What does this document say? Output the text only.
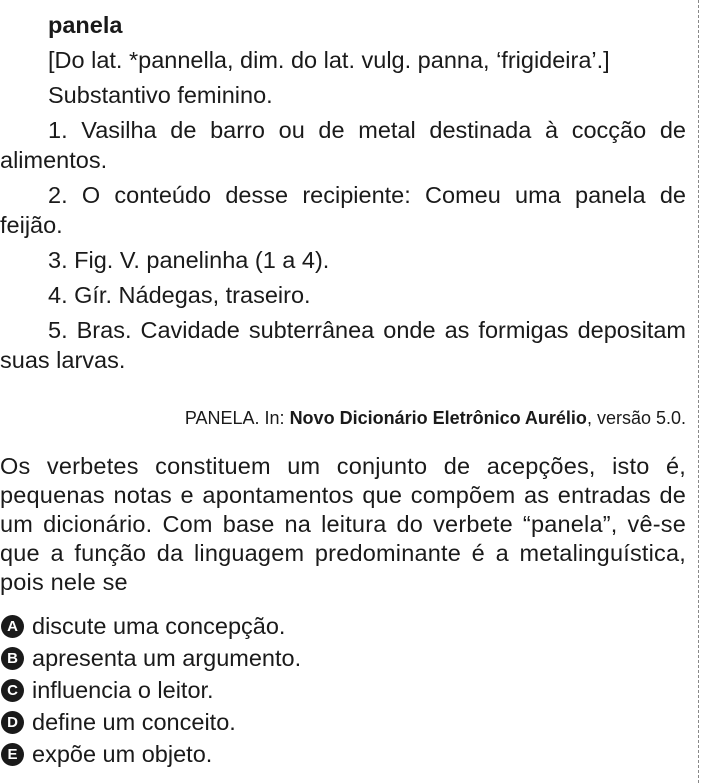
panela

[Do lat. *pannella, dim. do lat. vulg. panna, ‘frigideira’.]

Substantivo feminino.

1. Vasilha de barro ou de metal destinada à cocção de alimentos.

2. O conteúdo desse recipiente: Comeu uma panela de feijão.

3. Fig. V. panelinha (1 a 4).

4. Gír. Nádegas, traseiro.

5. Bras. Cavidade subterrânea onde as formigas depositam suas larvas.

PANELA. In: Novo Dicionário Eletrônico Aurélio, versão 5.0.
Os verbetes constituem um conjunto de acepções, isto é, pequenas notas e apontamentos que compõem as entradas de um dicionário. Com base na leitura do verbete “panela”, vê-se que a função da linguagem predominante é a metalinguística, pois nele se
A discute uma concepção.
B apresenta um argumento.
C influencia o leitor.
D define um conceito.
E expõe um objeto.
